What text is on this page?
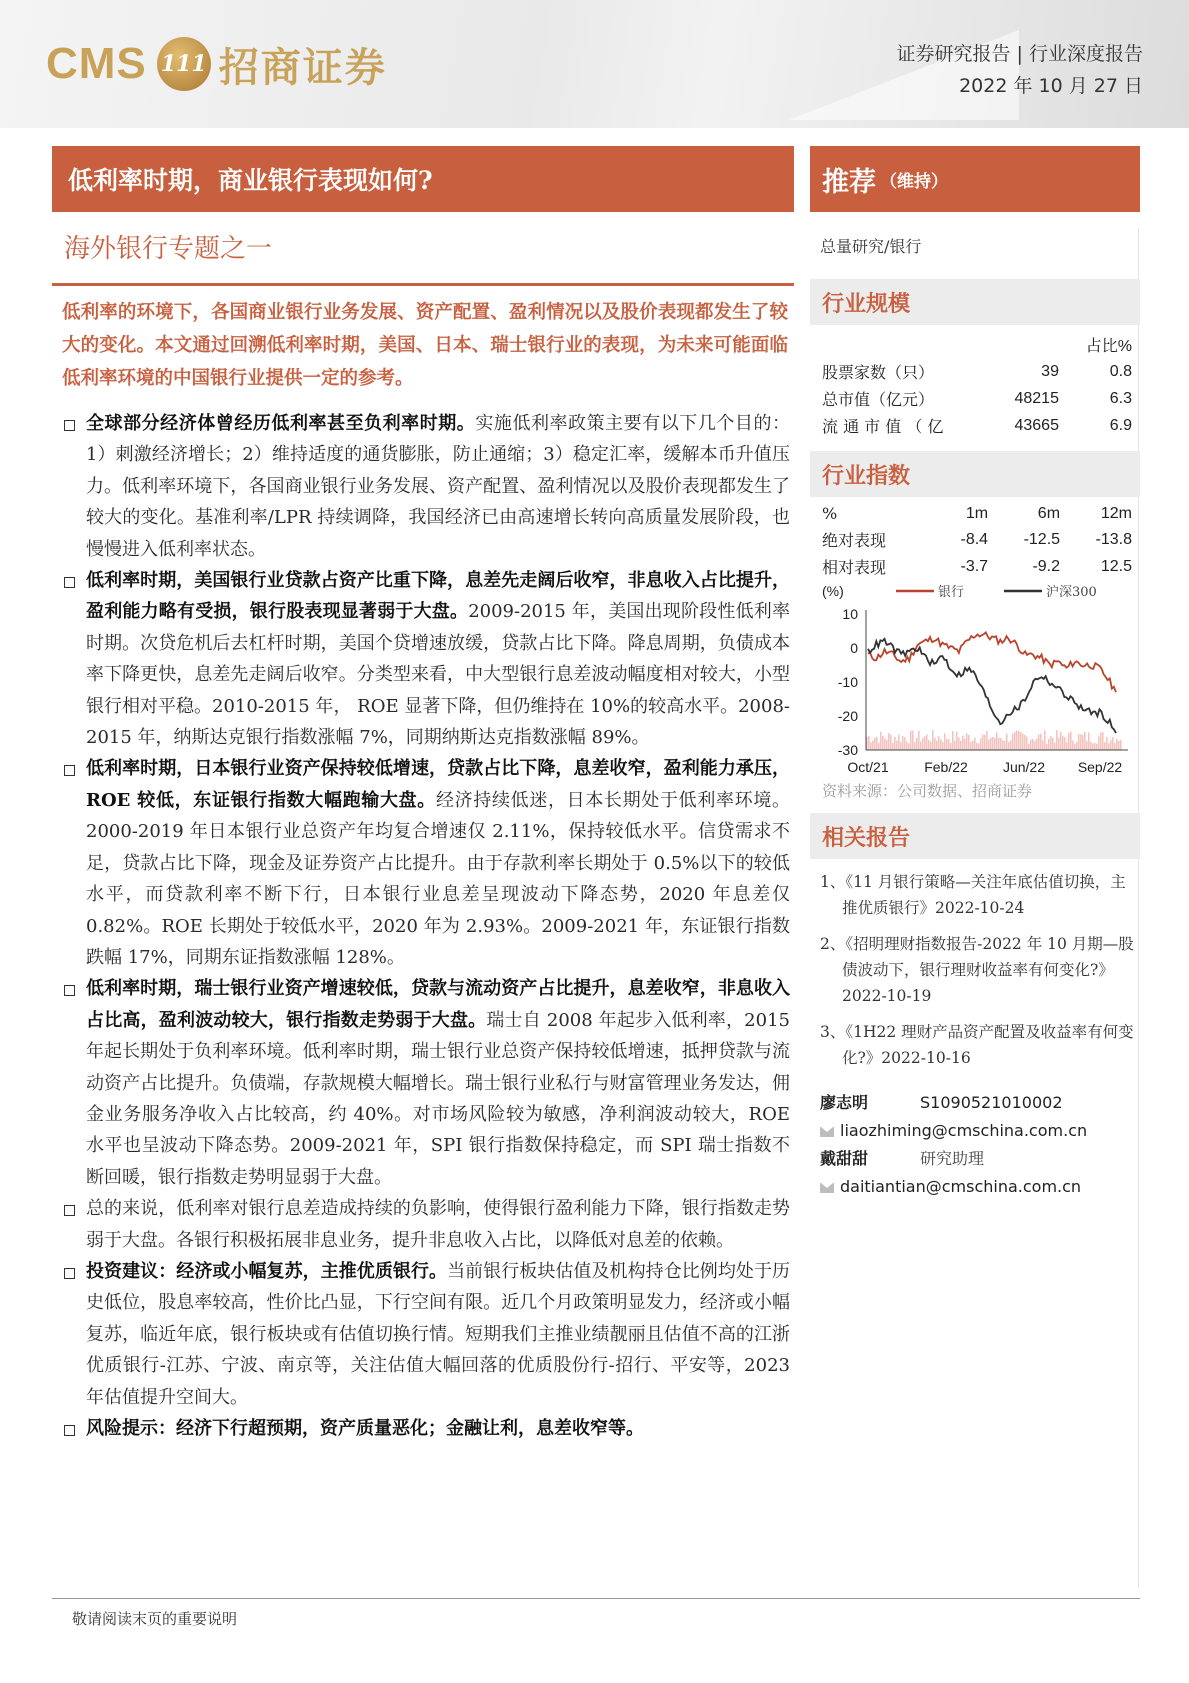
CMS 111 招商证券	证券研究报告 | 行业深度报告
2022 年 10 月 27 日
低利率时期，商业银行表现如何?	推荐 （维持）
海外银行专题之一
低利率的环境下，各国商业银行业务发展、资产配置、盈利情况以及股价表现都发生了较大的变化。本文通过回溯低利率时期，美国、日本、瑞士银行业的表现，为未来可能面临低利率环境的中国银行业提供一定的参考。
全球部分经济体曾经历低利率甚至负利率时期。实施低利率政策主要有以下几个目的：1）刺激经济增长；2）维持适度的通货膨胀，防止通缩；3）稳定汇率，缓解本币升值压力。低利率环境下，各国商业银行业务发展、资产配置、盈利情况以及股价表现都发生了较大的变化。基准利率/LPR 持续调降，我国经济已由高速增长转向高质量发展阶段，也慢慢进入低利率状态。
低利率时期，美国银行业贷款占资产比重下降，息差先走阔后收窄，非息收入占比提升，盈利能力略有受损，银行股表现显著弱于大盘。2009-2015 年，美国出现阶段性低利率时期。次贷危机后去杠杆时期，美国个贷增速放缓，贷款占比下降。降息周期，负债成本率下降更快，息差先走阔后收窄。分类型来看，中大型银行息差波动幅度相对较大，小型银行相对平稳。2010-2015 年， ROE 显著下降，但仍维持在 10%的较高水平。2008-2015 年，纳斯达克银行指数涨幅 7%，同期纳斯达克指数涨幅 89%。
低利率时期，日本银行业资产保持较低增速，贷款占比下降，息差收窄，盈利能力承压，ROE 较低，东证银行指数大幅跑输大盘。经济持续低迷，日本长期处于低利率环境。2000-2019 年日本银行业总资产年均复合增速仅 2.11%，保持较低水平。信贷需求不足，贷款占比下降，现金及证券资产占比提升。由于存款利率长期处于 0.5%以下的较低水平，而贷款利率不断下行，日本银行业息差呈现波动下降态势，2020 年息差仅 0.82%。ROE 长期处于较低水平，2020 年为 2.93%。2009-2021 年，东证银行指数跌幅 17%，同期东证指数涨幅 128%。
低利率时期，瑞士银行业资产增速较低，贷款与流动资产占比提升，息差收窄，非息收入占比高，盈利波动较大，银行指数走势弱于大盘。瑞士自 2008 年起步入低利率，2015 年起长期处于负利率环境。低利率时期，瑞士银行业总资产保持较低增速，抵押贷款与流动资产占比提升。负债端，存款规模大幅增长。瑞士银行业私行与财富管理业务发达，佣金业务服务净收入占比较高，约 40%。对市场风险较为敏感，净利润波动较大，ROE 水平也呈波动下降态势。2009-2021 年，SPI 银行指数保持稳定，而 SPI 瑞士指数不断回暖，银行指数走势明显弱于大盘。
总的来说，低利率对银行息差造成持续的负影响，使得银行盈利能力下降，银行指数走势弱于大盘。各银行积极拓展非息业务，提升非息收入占比，以降低对息差的依赖。
投资建议：经济或小幅复苏，主推优质银行。当前银行板块估值及机构持仓比例均处于历史低位，股息率较高，性价比凸显，下行空间有限。近几个月政策明显发力，经济或小幅复苏，临近年底，银行板块或有估值切换行情。短期我们主推业绩靓丽且估值不高的江浙优质银行-江苏、宁波、南京等，关注估值大幅回落的优质股份行-招行、平安等，2023 年估值提升空间大。
风险提示：经济下行超预期，资产质量恶化；金融让利，息差收窄等。
总量研究/银行
行业规模
		占比%
股票家数（只）	39	0.8
总市值（亿元）	48215	6.3
流 通 市 值 （ 亿	43665	6.9
行业指数
%	1m	6m	12m
绝对表现	-8.4	-12.5	-13.8
相对表现	-3.7	-9.2	12.5
(%)	银行	沪深300
10
0
-10
-20
-30
Oct/21	Feb/22	Jun/22 Sep/22
资料来源：公司数据、招商证券
相关报告
1、《11 月银行策略—关注年底估值切换，主推优质银行》2022-10-24
2、《招明理财指数报告-2022 年 10 月期—股债波动下，银行理财收益率有何变化?》2022-10-19
3、《1H22 理财产品资产配置及收益率有何变化?》2022-10-16
廖志明	S1090521010002
liaozhiming@cmschina.com.cn
戴甜甜	研究助理
daitiantian@cmschina.com.cn
敬请阅读末页的重要说明
